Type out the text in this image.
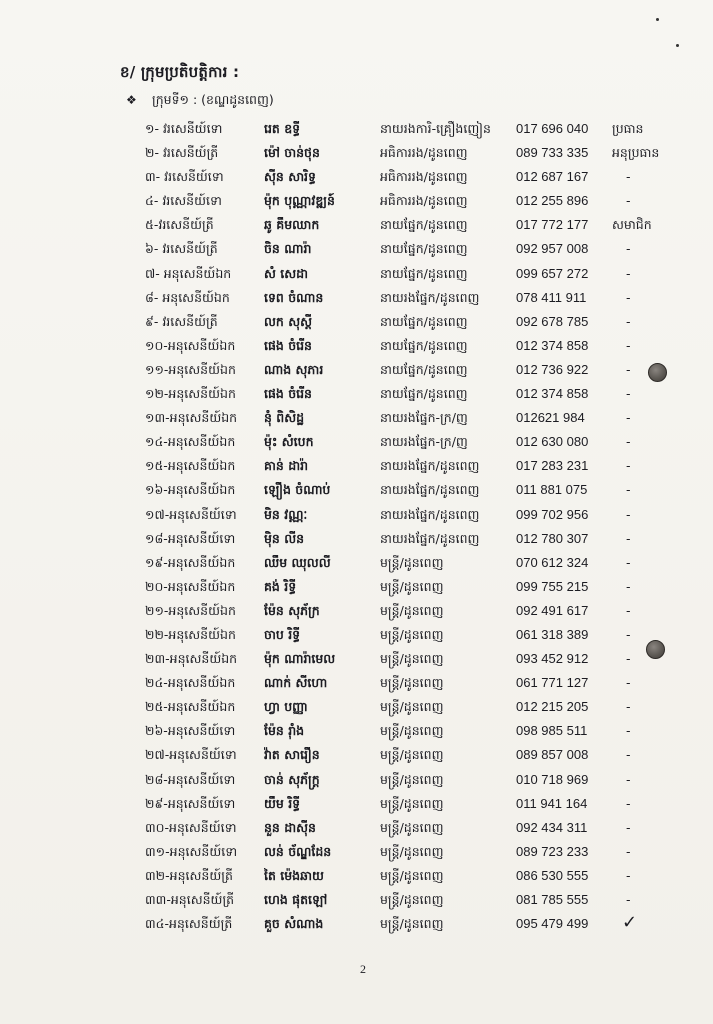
ខ/ ក្រុមប្រតិបត្តិការ :
❖ ក្រុមទី១ : (ខណ្ឌដូនពេញ)
១- វរសេនីយ៍ទោ	រេត ឧទ្ធី	នាយរងការិ-គ្រឿងញៀន	017 696 040	ប្រធាន
២- វរសេនីយ៍ត្រី	ម៉ៅ ចាន់ថុន	អធិការរង/ដូនពេញ	089 733 335	អនុប្រធាន
៣- វរសេនីយ៍ទោ	ស៊ីន សារិទ្ធ	អធិការរង/ដូនពេញ	012 687 167	-
៤- វរសេនីយ៍ទោ	ម៉ុក បុណ្ណាវឌ្ឍន៍	អធិការរង/ដូនពេញ	012 255 896	-
៥-វរសេនីយ៍ត្រី	ឆូ គឹមឈាក	នាយផ្នែក/ដូនពេញ	017 772 177	សមាជិក
៦- វរសេនីយ៍ត្រី	ចិន ណារ៉ា	នាយផ្នែក/ដូនពេញ	092 957 008	-
៧- អនុសេនីយ៍ឯក	សំ សេដា	នាយផ្នែក/ដូនពេញ	099 657 272	-
៨- អនុសេនីយ៍ឯក	ទេព ចំណាន	នាយរងផ្នែក/ដូនពេញ	078 411 911	-
៩- វរសេនីយ៍ត្រី	លក សុស្តី	នាយផ្នែក/ដូនពេញ	092 678 785	-
១០-អនុសេនីយ៍ឯក	ផេង ចំរើន	នាយផ្នែក/ដូនពេញ	012 374 858	-
១១-អនុសេនីយ៍ឯក	ណាង សុភារ	នាយផ្នែក/ដូនពេញ	012 736 922	-
១២-អនុសេនីយ៍ឯក	ផេង ចំរើន	នាយផ្នែក/ដូនពេញ	012 374 858	-
១៣-អនុសេនីយ៍ឯក	នុំ ពិសិដ្ឋ	នាយរងផ្នែក-ក្រ/ញ	012621 984	-
១៤-អនុសេនីយ៍ឯក	ម៉ុះ សំបេក	នាយរងផ្នែក-ក្រ/ញ	012 630 080	-
១៥-អនុសេនីយ៍ឯក	គាន់ ដារ៉ា	នាយរងផ្នែក/ដូនពេញ	017 283 231	-
១៦-អនុសេនីយ៍ឯក	ឡឿង ចំណាប់	នាយរងផ្នែក/ដូនពេញ	011 881 075	-
១៧-អនុសេនីយ៍ទោ	មិន វណ្ណៈ	នាយរងផ្នែក/ដូនពេញ	099 702 956	-
១៨-អនុសេនីយ៍ទោ	ម៉ិន លីន	នាយរងផ្នែក/ដូនពេញ	012 780 307	-
១៩-អនុសេនីយ៍ឯក	ឈឹម ឈុលលី	មន្ត្រី/ដូនពេញ	070 612 324	-
២០-អនុសេនីយ៍ឯក	គង់ រិទ្ធី	មន្ត្រី/ដូនពេញ	099 755 215	-
២១-អនុសេនីយ៍ឯក	ម៉ែន សុភ័ក្រ	មន្ត្រី/ដូនពេញ	092 491 617	-
២២-អនុសេនីយ៍ឯក	ចាប រិទ្ធី	មន្ត្រី/ដូនពេញ	061 318 389	-
២៣-អនុសេនីយ៍ឯក	ម៉ុក ណារ៉ាមេល	មន្ត្រី/ដូនពេញ	093 452 912	-
២៤-អនុសេនីយ៍ឯក	ណាក់ សីហោ	មន្ត្រី/ដូនពេញ	061 771 127	-
២៥-អនុសេនីយ៍ឯក	ហ្វា បញ្ញា	មន្ត្រី/ដូនពេញ	012 215 205	-
២៦-អនុសេនីយ៍ទោ	ម៉ែន រ៉ាំង	មន្ត្រី/ដូនពេញ	098 985 511	-
២៧-អនុសេនីយ៍ទោ	វ៉ាត សារឿន	មន្ត្រី/ដូនពេញ	089 857 008	-
២៨-អនុសេនីយ៍ទោ	ចាន់ សុភ័ក្ត្រ	មន្ត្រី/ដូនពេញ	010 718 969	-
២៩-អនុសេនីយ៍ទោ	យឹម រិទ្ធី	មន្ត្រី/ដូនពេញ	011 941 164	-
៣០-អនុសេនីយ៍ទោ	នួន ដាស៊ីន	មន្ត្រី/ដូនពេញ	092 434 311	-
៣១-អនុសេនីយ៍ទោ	លន់ ច័ណ្ឌដែន	មន្ត្រី/ដូនពេញ	089 723 233	-
៣២-អនុសេនីយ៍ត្រី	តៃ ម៉េងឆាយ	មន្ត្រី/ដូនពេញ	086 530 555	-
៣៣-អនុសេនីយ៍ត្រី	ហេង ផុតឡៅ	មន្ត្រី/ដូនពេញ	081 785 555	-
៣៤-អនុសេនីយ៍ត្រី	គួច សំណាង	មន្ត្រី/ដូនពេញ	095 479 499	✓
2
